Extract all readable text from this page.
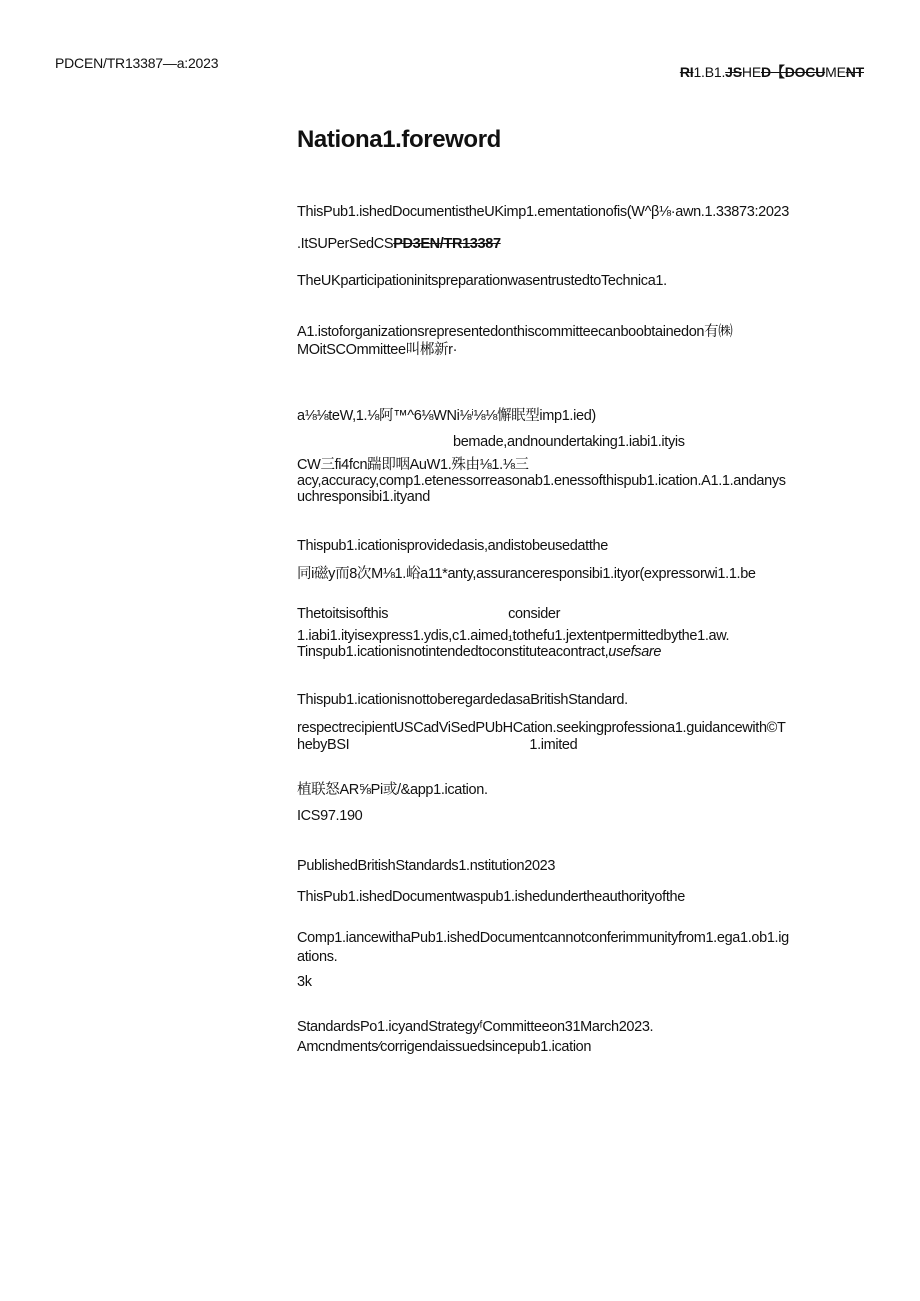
PDCEN/TR13387—a:2023
RI1.B1.JSHED【DOCUMENT
Nationa1.foreword

ThisPub1.ishedDocumentistheUKimp1.ementationofis(W^β⅛·awn.1.33873:2023

.ItSUPerSedCSPD3EN/TR13387

TheUKparticipationinitspreparationwasentrustedtoTechnica1.

A1.istoforganizationsrepresentedonthiscommitteecanboobtainedon有㈱
MOitSCOmmittee叫郴新r·

a⅛⅛teW,1.⅛阿™^6⅛WNi⅛ⁱ⅛⅛懈眠型imp1.ied)

bemade,andnoundertaking1.iabi1.ityis

CW三fi4fcn踹即咽AuW1.殊由⅛1.⅛三
acy,accuracy,comp1.etenessorreasonab1.enessofthispub1.ication.A1.1.andanys
uchresponsibi1.ityand

Thispub1.icationisprovidedasis,andistobeusedatthe

同i磁y而8次M⅛1.峪a11*anty,assuranceresponsibi1.ityor(expressorwi1.1.be

Thetoitsisofthis	consider

1.iabi1.ityisexpress1.ydis,c1.aimed₁tothefu1.jextentpermittedbythe1.aw.
Tinspub1.icationisnotintendedtoconstituteacontract,usefsare

Thispub1.icationisnottoberegardedasaBritishStandard.

respectrecipientUSCadViSedPUbHCation.seekingprofessiona1.guidancewith©T
hebyBSI	1.imited

植联怒AR⅝Pi或/&app1.ication.

ICS97.190

PublishedBritishStandards1.nstitution2023

ThisPub1.ishedDocumentwaspub1.ishedundertheauthorityofthe

Comp1.iancewithaPub1.ishedDocumentcannotconferimmunityfrom1.ega1.ob1.ig
ations.

3k

StandardsPo1.icyandStrategyᶠCommitteeon31March2023.

Amcndments⁄corrigendaissuedsincepub1.ication
